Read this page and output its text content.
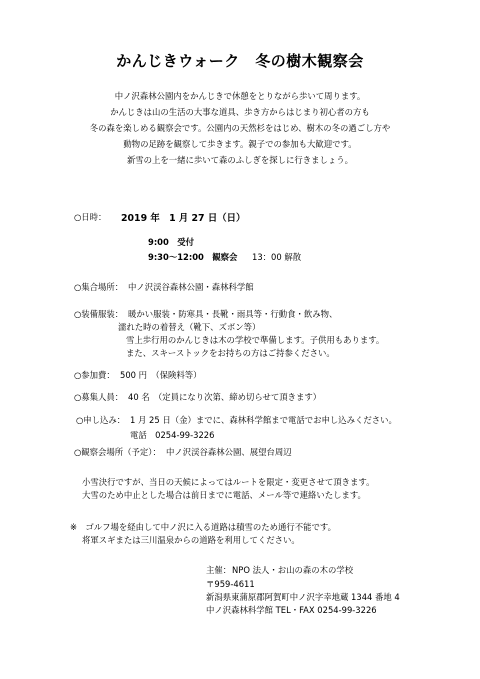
かんじきウォーク　冬の樹木観察会
中ノ沢森林公園内をかんじきで休憩をとりながら歩いて周ります。
かんじきは山の生活の大事な道具、歩き方からはじまり初心者の方も
冬の森を楽しめる観察会です。公園内の天然杉をはじめ、樹木の冬の過ごし方や
動物の足跡を観察して歩きます。親子での参加も大歓迎です。
新雪の上を一緒に歩いて森のふしぎを探しに行きましょう。
○日時： 2019 年　1 月 27 日（日）
9:00　受付
9:30～12:00　観察会 13：00 解散
○集合場所： 中ノ沢渓谷森林公園・森林科学館
○装備服装： 暖かい服装・防寒具・長靴・雨具等・行動食・飲み物、
濡れた時の着替え（靴下、ズボン等）
雪上歩行用のかんじきは木の学校で準備します。子供用もあります。
また、スキーストックをお持ちの方はご持参ください。
○参加費： 500 円　（保険料等）
○募集人員： 40 名　（定員になり次第、締め切らせて頂きます）
○申し込み： 1 月 25 日（金）までに、森林科学館まで電話でお申し込みください。
電話　0254-99-3226
○観察会場所（予定）： 中ノ沢渓谷森林公園、展望台周辺
小雪決行ですが、当日の天候によってはルートを限定・変更させて頂きます。
大雪のため中止とした場合は前日までに電話、メール等で連絡いたします。
※　ゴルフ場を経由して中ノ沢に入る道路は積雪のため通行不能です。
将軍スギまたは三川温泉からの道路を利用してください。
主催： NPO 法人・お山の森の木の学校
〒959-4611
新潟県東蒲原郡阿賀町中ノ沢字幸地蔵 1344 番地 4
中ノ沢森林科学館 TEL・FAX 0254-99-3226
